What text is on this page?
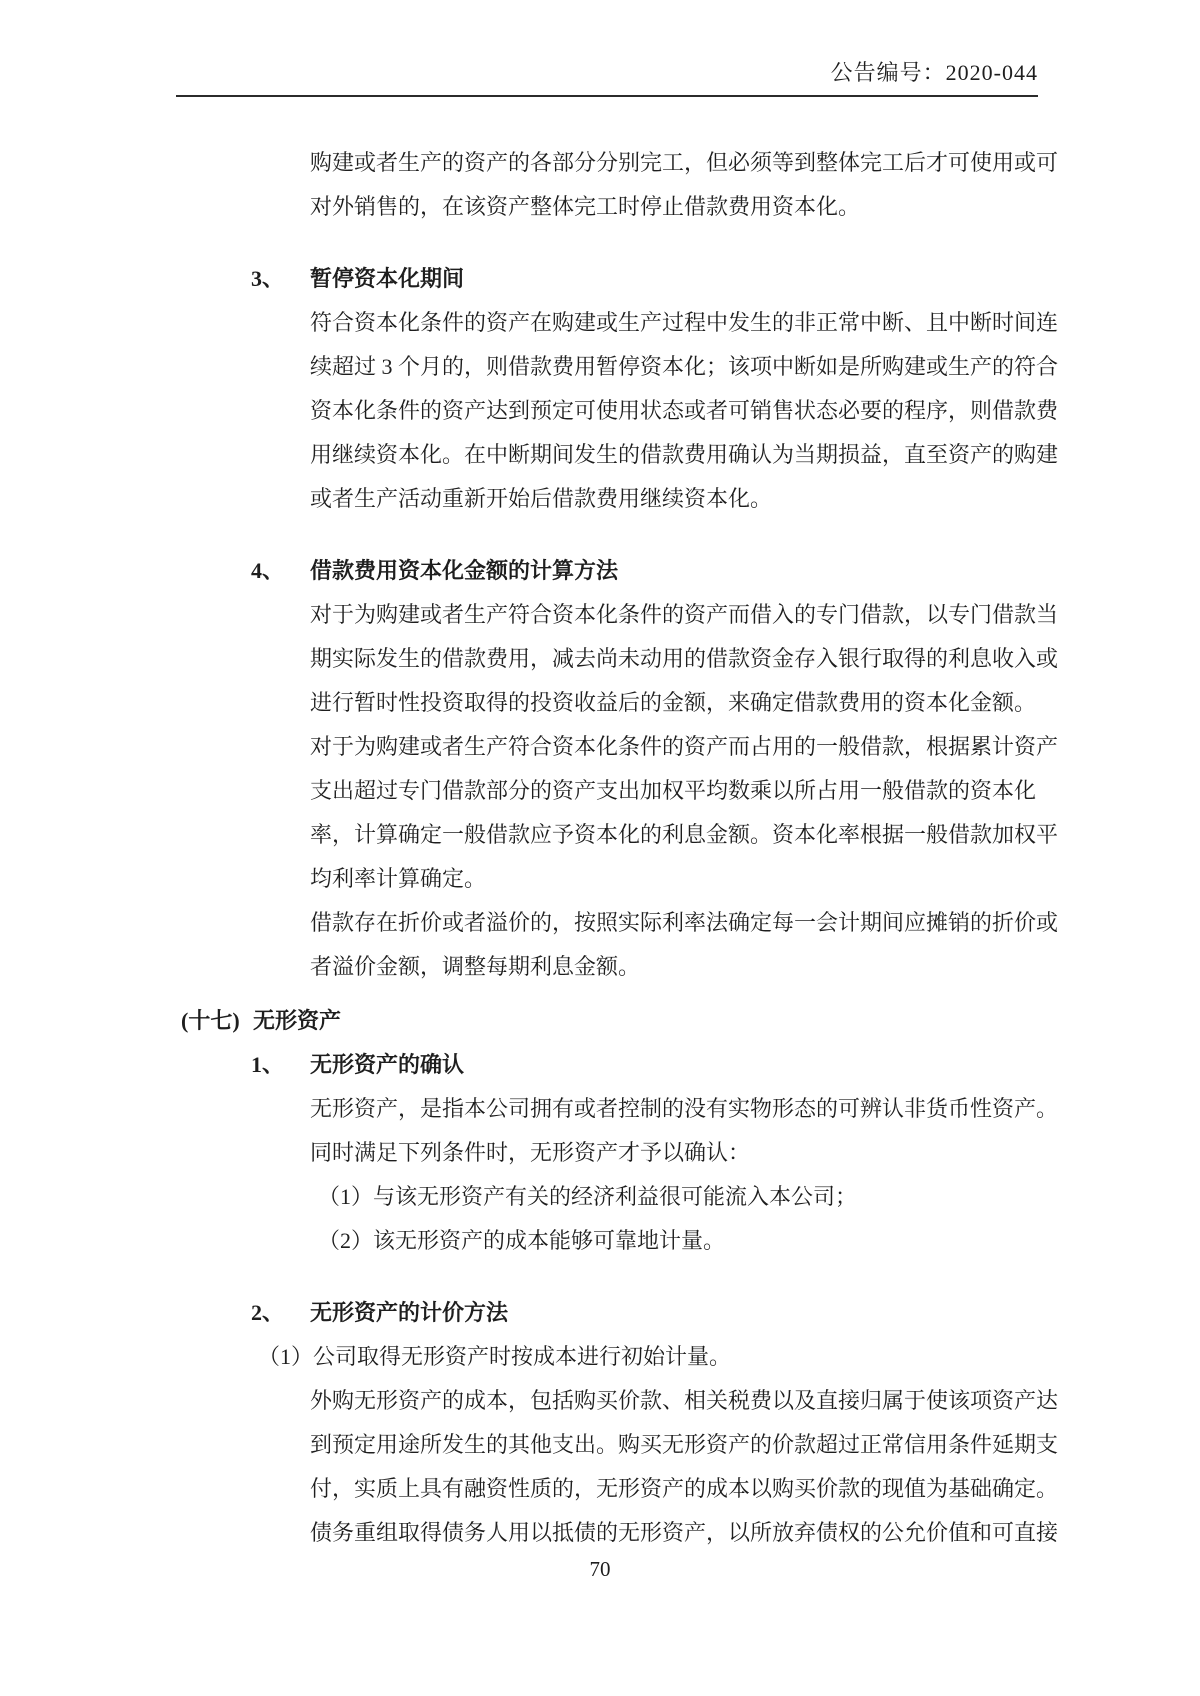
公告编号：2020-044
购建或者生产的资产的各部分分别完工，但必须等到整体完工后才可使用或可
对外销售的，在该资产整体完工时停止借款费用资本化。
3、 暂停资本化期间
符合资本化条件的资产在购建或生产过程中发生的非正常中断、且中断时间连
续超过 3 个月的，则借款费用暂停资本化；该项中断如是所购建或生产的符合
资本化条件的资产达到预定可使用状态或者可销售状态必要的程序，则借款费
用继续资本化。在中断期间发生的借款费用确认为当期损益，直至资产的购建
或者生产活动重新开始后借款费用继续资本化。
4、 借款费用资本化金额的计算方法
对于为购建或者生产符合资本化条件的资产而借入的专门借款，以专门借款当
期实际发生的借款费用，减去尚未动用的借款资金存入银行取得的利息收入或
进行暂时性投资取得的投资收益后的金额，来确定借款费用的资本化金额。
对于为购建或者生产符合资本化条件的资产而占用的一般借款，根据累计资产
支出超过专门借款部分的资产支出加权平均数乘以所占用一般借款的资本化
率，计算确定一般借款应予资本化的利息金额。资本化率根据一般借款加权平
均利率计算确定。
借款存在折价或者溢价的，按照实际利率法确定每一会计期间应摊销的折价或
者溢价金额，调整每期利息金额。
(十七) 无形资产
1、 无形资产的确认
无形资产，是指本公司拥有或者控制的没有实物形态的可辨认非货币性资产。
同时满足下列条件时，无形资产才予以确认：
（1）与该无形资产有关的经济利益很可能流入本公司；
（2）该无形资产的成本能够可靠地计量。
2、 无形资产的计价方法
（1）公司取得无形资产时按成本进行初始计量。
外购无形资产的成本，包括购买价款、相关税费以及直接归属于使该项资产达
到预定用途所发生的其他支出。购买无形资产的价款超过正常信用条件延期支
付，实质上具有融资性质的，无形资产的成本以购买价款的现值为基础确定。
债务重组取得债务人用以抵债的无形资产，以所放弃债权的公允价值和可直接
70
